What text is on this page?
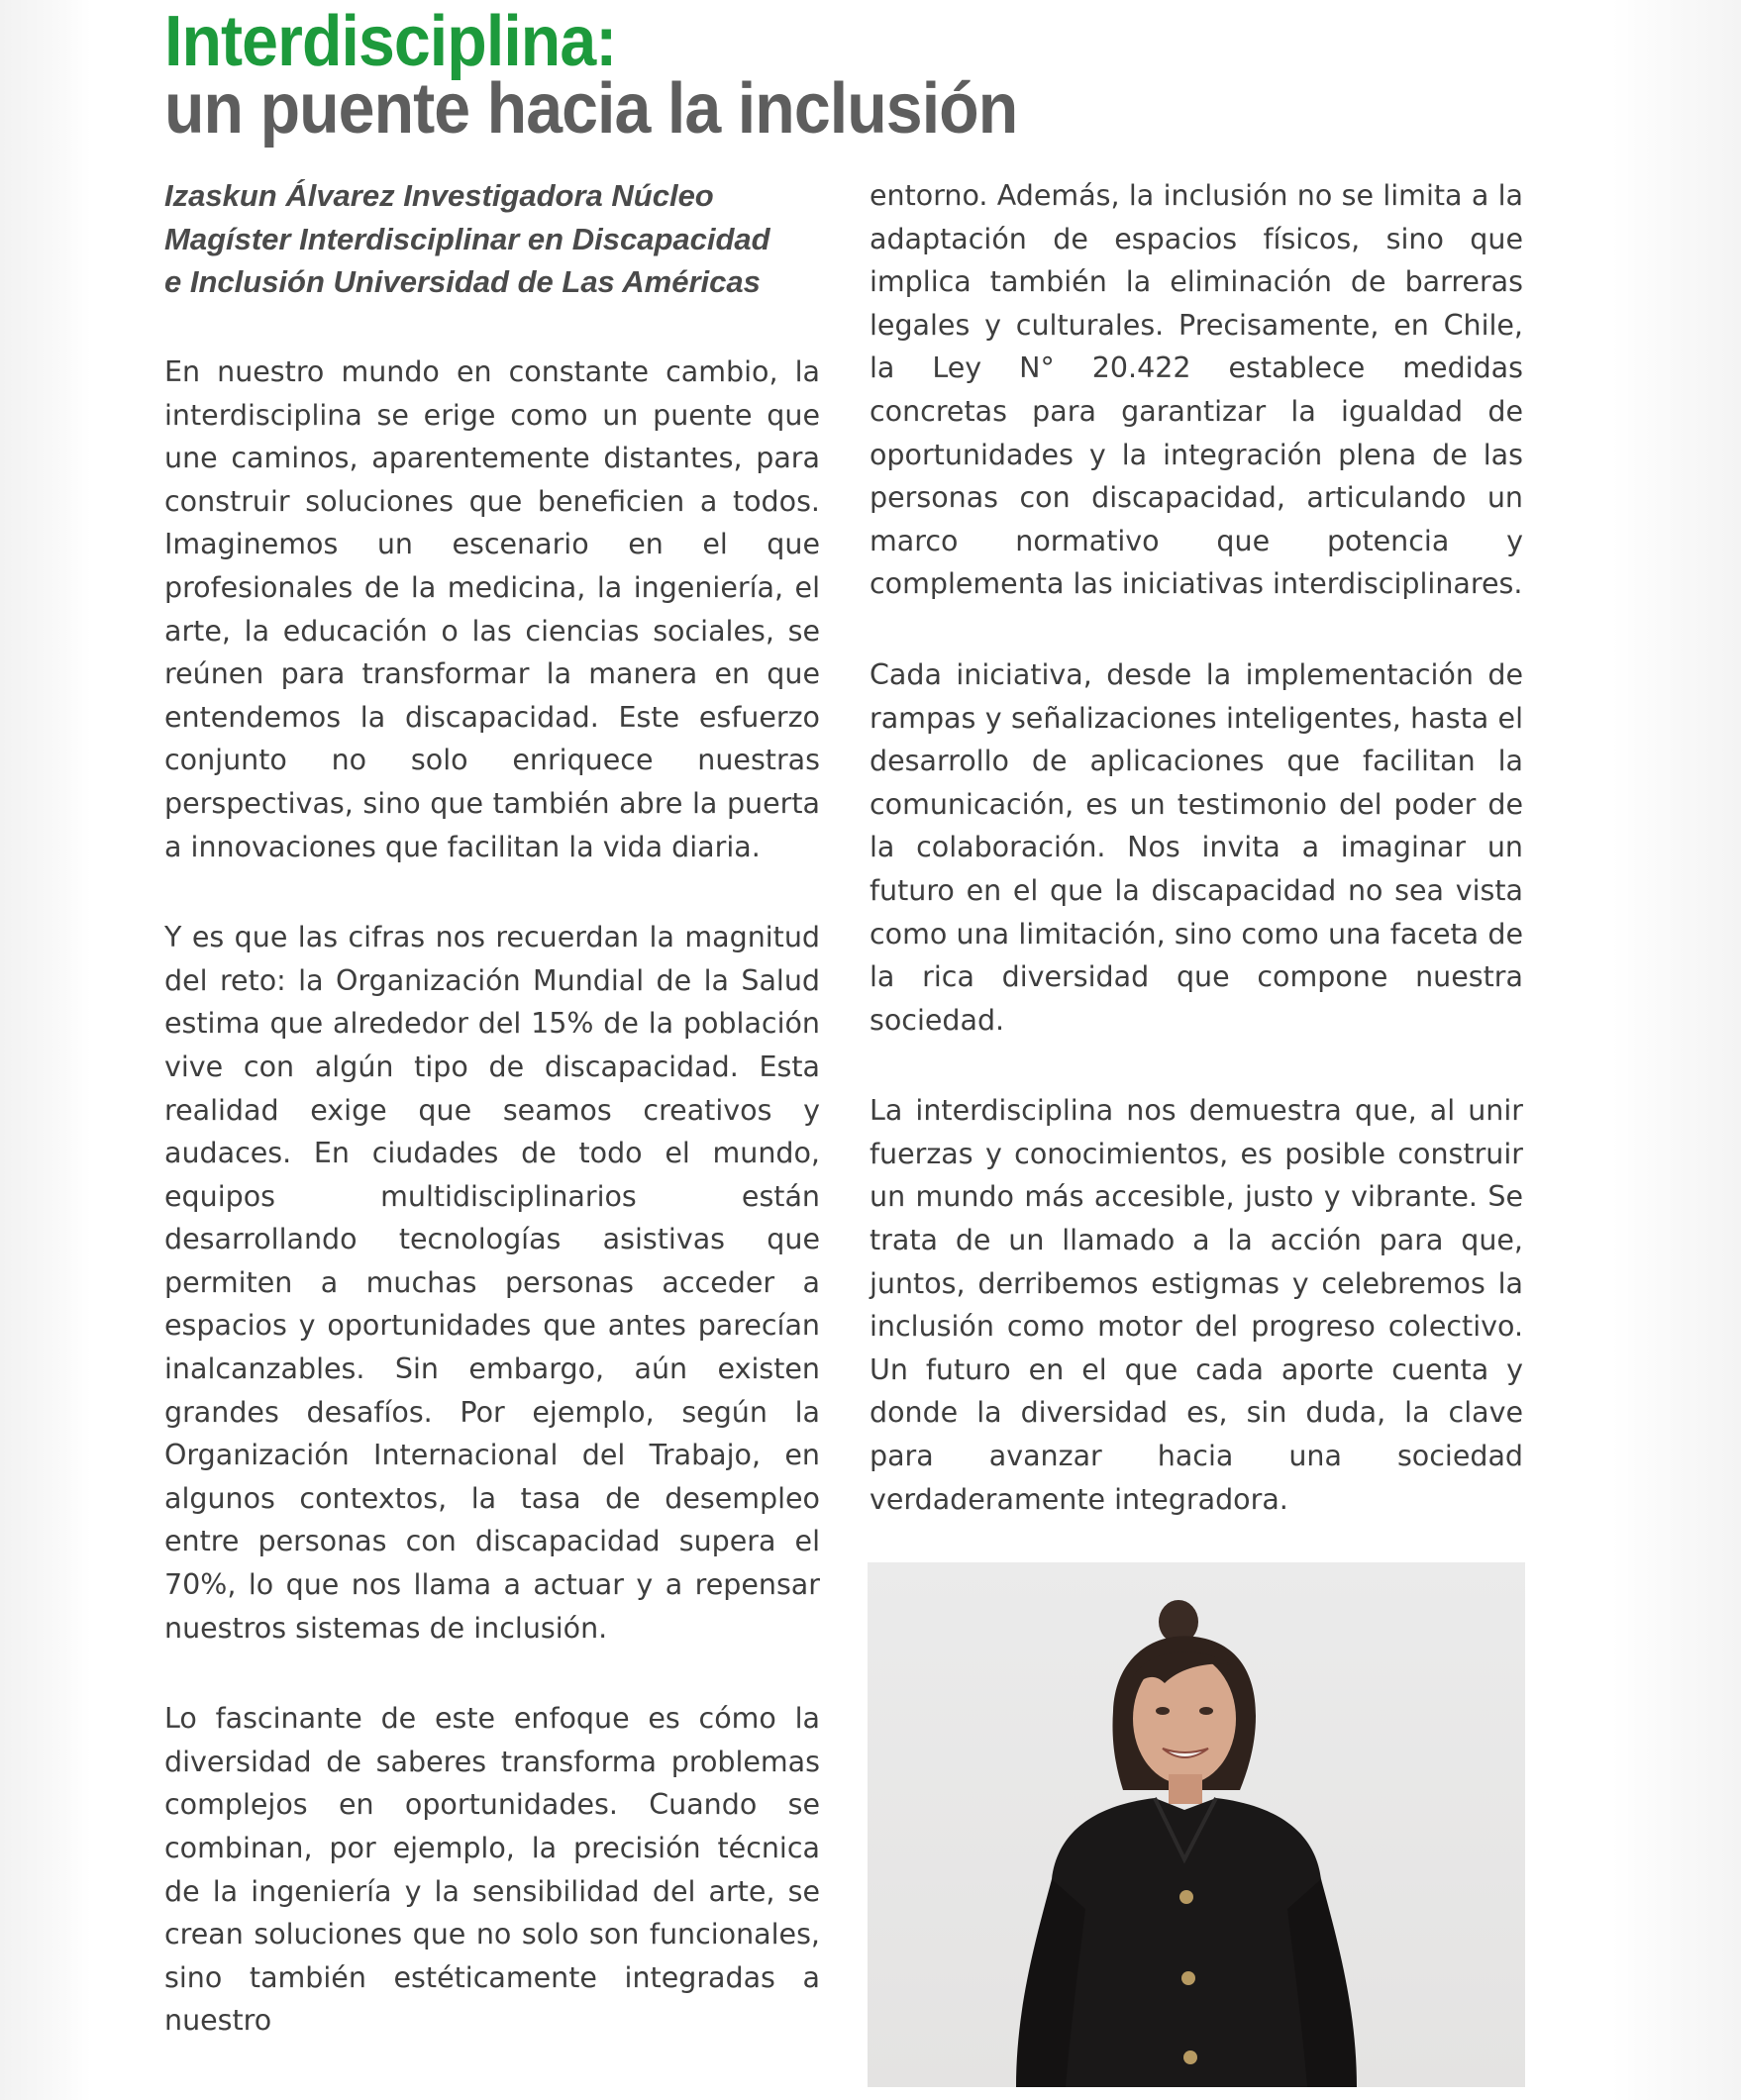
Interdisciplina:
un puente hacia la inclusión

Izaskun Álvarez Investigadora Núcleo
Magíster Interdisciplinar en Discapacidad
e Inclusión Universidad de Las Américas

En nuestro mundo en constante cambio, la interdisciplina se erige como un puente que une caminos, aparentemente distantes, para construir soluciones que beneficien a todos. Imaginemos un escenario en el que profesionales de la medicina, la ingeniería, el arte, la educación o las ciencias sociales, se reúnen para transformar la manera en que entendemos la discapacidad. Este esfuerzo conjunto no solo enriquece nuestras perspectivas, sino que también abre la puerta a innovaciones que facilitan la vida diaria.

Y es que las cifras nos recuerdan la magnitud del reto: la Organización Mundial de la Salud estima que alrededor del 15% de la población vive con algún tipo de discapacidad. Esta realidad exige que seamos creativos y audaces. En ciudades de todo el mundo, equipos multidisciplinarios están desarrollando tecnologías asistivas que permiten a muchas personas acceder a espacios y oportunidades que antes parecían inalcanzables. Sin embargo, aún existen grandes desafíos. Por ejemplo, según la Organización Internacional del Trabajo, en algunos contextos, la tasa de desempleo entre personas con discapacidad supera el 70%, lo que nos llama a actuar y a repensar nuestros sistemas de inclusión.

Lo fascinante de este enfoque es cómo la diversidad de saberes transforma problemas complejos en oportunidades. Cuando se combinan, por ejemplo, la precisión técnica de la ingeniería y la sensibilidad del arte, se crean soluciones que no solo son funcionales, sino también estéticamente integradas a nuestro

entorno. Además, la inclusión no se limita a la adaptación de espacios físicos, sino que implica también la eliminación de barreras legales y culturales. Precisamente, en Chile, la Ley N° 20.422 establece medidas concretas para garantizar la igualdad de oportunidades y la integración plena de las personas con discapacidad, articulando un marco normativo que potencia y complementa las iniciativas interdisciplinares.

Cada iniciativa, desde la implementación de rampas y señalizaciones inteligentes, hasta el desarrollo de aplicaciones que facilitan la comunicación, es un testimonio del poder de la colaboración. Nos invita a imaginar un futuro en el que la discapacidad no sea vista como una limitación, sino como una faceta de la rica diversidad que compone nuestra sociedad.

La interdisciplina nos demuestra que, al unir fuerzas y conocimientos, es posible construir un mundo más accesible, justo y vibrante. Se trata de un llamado a la acción para que, juntos, derribemos estigmas y celebremos la inclusión como motor del progreso colectivo. Un futuro en el que cada aporte cuenta y donde la diversidad es, sin duda, la clave para avanzar hacia una sociedad verdaderamente integradora.
